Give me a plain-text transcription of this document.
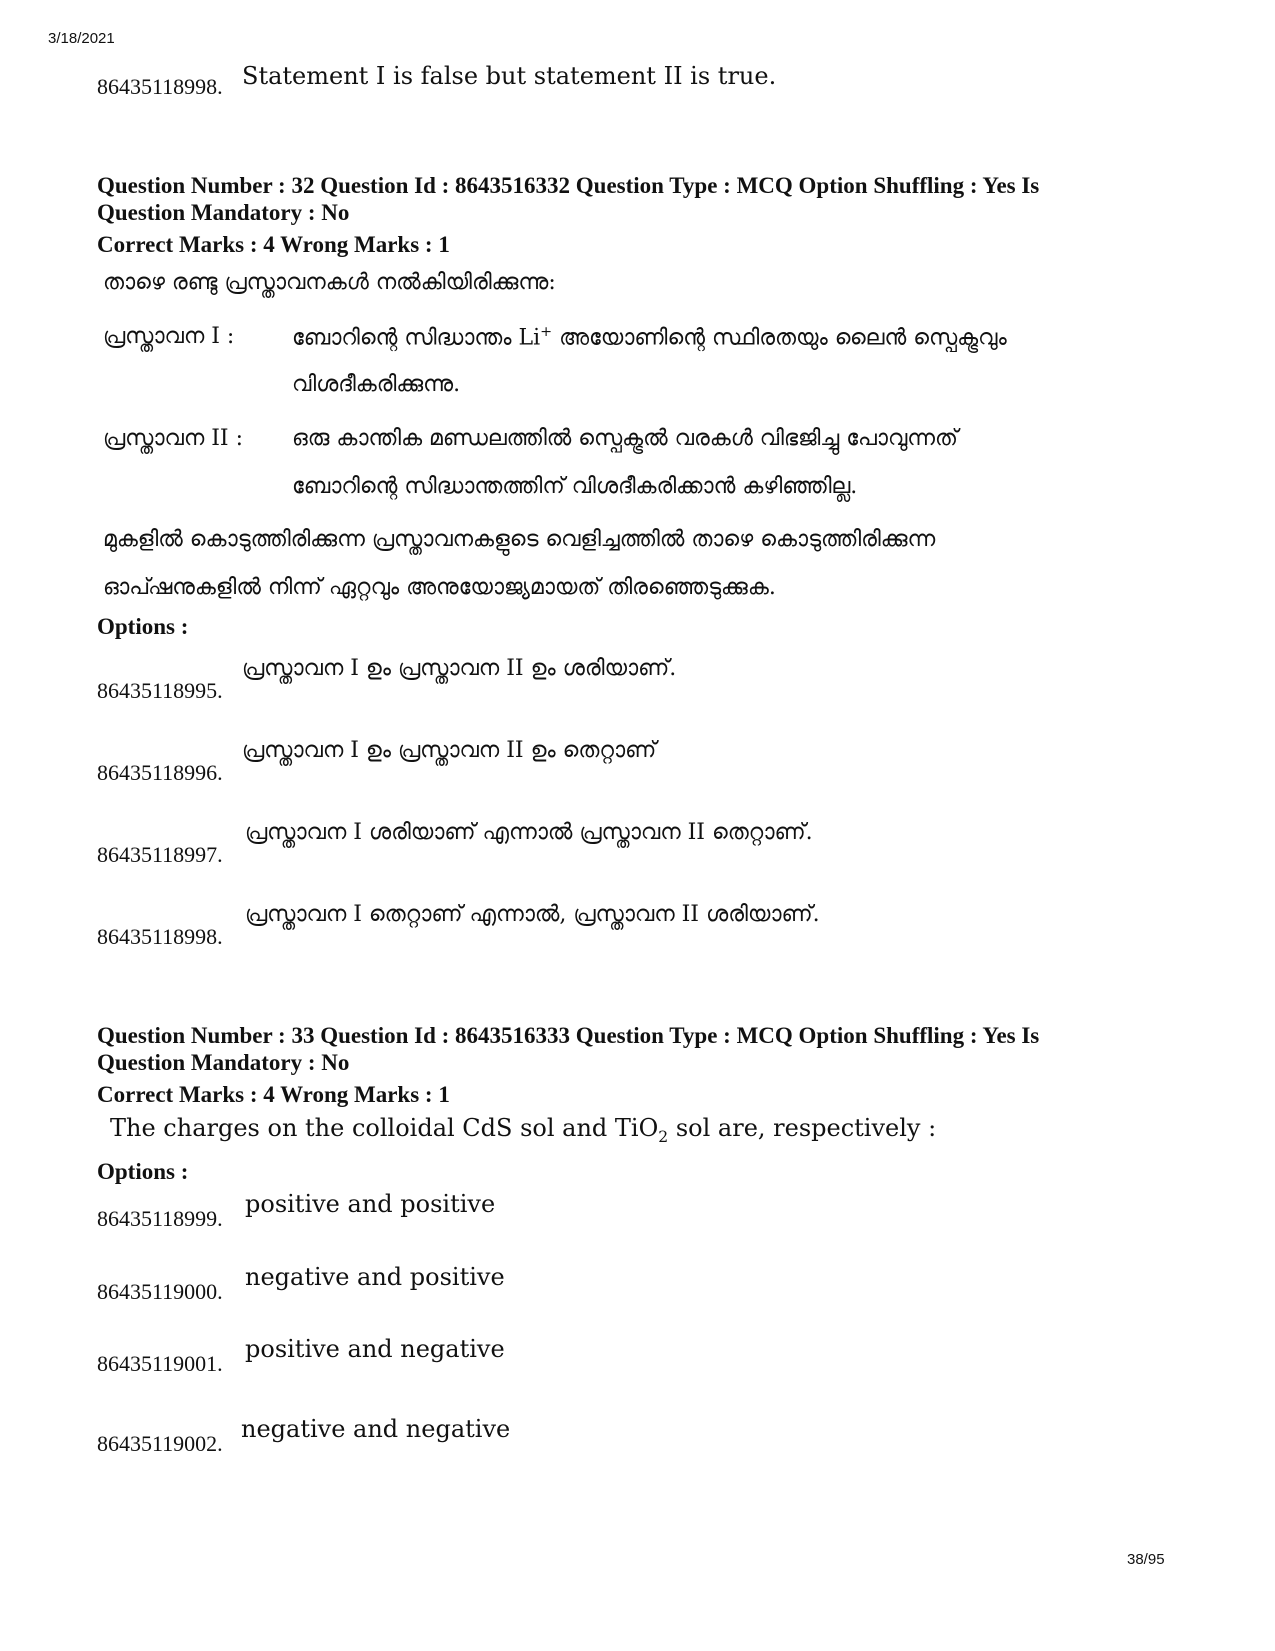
3/18/2021
86435118998. Statement I is false but statement II is true.
Question Number : 32 Question Id : 8643516332 Question Type : MCQ Option Shuffling : Yes Is
Question Mandatory : No
Correct Marks : 4 Wrong Marks : 1
താഴെ രണ്ടു പ്രസ്താവനകൾ നൽകിയിരിക്കുന്നു:
പ്രസ്താവന I :	ബോറിന്റെ സിദ്ധാന്തം Li+ അയോണിന്റെ സ്ഥിരതയും ലൈൻ സ്പെക്ട്രവും
വിശദീകരിക്കുന്നു.
പ്രസ്താവന II : ഒരു കാന്തിക മണ്ഡലത്തിൽ സ്പെക്ട്രൽ വരകൾ വിഭജിച്ചു പോവുന്നത്
ബോറിന്റെ സിദ്ധാന്തത്തിന് വിശദീകരിക്കാൻ കഴിഞ്ഞില്ല.
മുകളിൽ കൊടുത്തിരിക്കുന്ന പ്രസ്താവനകളുടെ വെളിച്ചത്തിൽ താഴെ കൊടുത്തിരിക്കുന്ന
ഓപ്ഷനുകളിൽ നിന്ന് ഏറ്റവും അനുയോജ്യമായത് തിരഞ്ഞെടുക്കുക.
Options :
86435118995.
പ്രസ്താവന I ഉം പ്രസ്താവന II ഉം ശരിയാണ്.
86435118996.
പ്രസ്താവന I ഉം പ്രസ്താവന II ഉം തെറ്റാണ്
86435118997.
പ്രസ്താവന I ശരിയാണ് എന്നാൽ പ്രസ്താവന II തെറ്റാണ്.
86435118998.
പ്രസ്താവന I തെറ്റാണ് എന്നാൽ, പ്രസ്താവന II ശരിയാണ്.
Question Number : 33 Question Id : 8643516333 Question Type : MCQ Option Shuffling : Yes Is
Question Mandatory : No
Correct Marks : 4 Wrong Marks : 1
The charges on the colloidal CdS sol and TiO$_2$ sol are, respectively :
Options :
86435118999.
positive and positive
86435119000.
negative and positive
86435119001.
positive and negative
86435119002.
negative and negative
38/95
